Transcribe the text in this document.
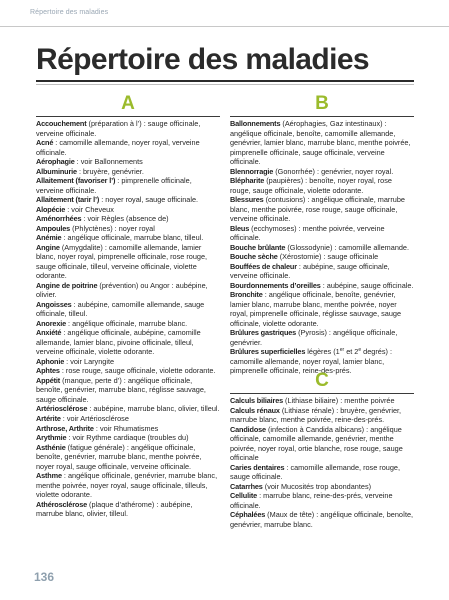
Répertoire des maladies
Répertoire des maladies
A
Accouchement (préparation à l’) : sauge officinale, verveine officinale.
Acné : camomille allemande, noyer royal, verveine officinale.
Aérophagie : voir Ballonnements
Albuminurie : bruyère, genévrier.
Allaitement (favoriser l’) : pimprenelle officinale, verveine officinale.
Allaitement (tarir l’) : noyer royal, sauge officinale.
Alopécie : voir Cheveux
Aménorrhées : voir Règles (absence de)
Ampoules (Phlyctènes) : noyer royal
Anémie : angélique officinale, marrube blanc, tilleul.
Angine (Amygdalite) : camomille allemande, lamier blanc, noyer royal, pimprenelle officinale, rose rouge, sauge officinale, tilleul, verveine officinale, violette odorante.
Angine de poitrine (prévention) ou Angor : aubépine, olivier.
Angoisses : aubépine, camomille allemande, sauge officinale, tilleul.
Anorexie : angélique officinale, marrube blanc.
Anxiété : angélique officinale, aubépine, camomille allemande, lamier blanc, pivoine officinale, tilleul, verveine officinale, violette odorante.
Aphonie : voir Laryngite
Aphtes : rose rouge, sauge officinale, violette odorante.
Appétit (manque, perte d’) : angélique officinale, benoîte, genévrier, marrube blanc, réglisse sauvage, sauge officinale.
Artériosclérose : aubépine, marrube blanc, olivier, tilleul.
Artérite : voir Artériosclérose
Arthrose, Arthrite : voir Rhumatismes
Arythmie : voir Rythme cardiaque (troubles du)
Asthénie (fatigue générale) : angélique officinale, benoîte, genévrier, marrube blanc, menthe poivrée, noyer royal, sauge officinale, verveine officinale.
Asthme : angélique officinale, genévrier, marrube blanc, menthe poivrée, noyer royal, sauge officinale, tilleuls, violette odorante.
Athérosclérose (plaque d’athérome) : aubépine, marrube blanc, olivier, tilleul.
B
Ballonnements (Aérophagies, Gaz intestinaux) : angélique officinale, benoîte, camomille allemande, genévrier, lamier blanc, marrube blanc, menthe poivrée, pimprenelle officinale, sauge officinale, verveine officinale.
Blennorragie (Gonorrhée) : genévrier, noyer royal.
Blépharite (paupières) : benoîte, noyer royal, rose rouge, sauge officinale, violette odorante.
Blessures (contusions) : angélique officinale, marrube blanc, menthe poivrée, rose rouge, sauge officinale, verveine officinale.
Bleus (ecchymoses) : menthe poivrée, verveine officinale.
Bouche brûlante (Glossodynie) : camomille allemande.
Bouche sèche (Xérostomie) : sauge officinale
Bouffées de chaleur : aubépine, sauge officinale, verveine officinale.
Bourdonnements d’oreilles : aubépine, sauge officinale.
Bronchite : angélique officinale, benoîte, genévrier, lamier blanc, marrube blanc, menthe poivrée, noyer royal, pimprenelle officinale, réglisse sauvage, sauge officinale, violette odorante.
Brûlures gastriques (Pyrosis) : angélique officinale, genévrier.
Brûlures superficielles légères (1er et 2e degrés) : camomille allemande, noyer royal, lamier blanc, pimprenelle officinale, reine-des-prés.
C
Calculs biliaires (Lithiase biliaire) : menthe poivrée
Calculs rénaux (Lithiase rénale) : bruyère, genévrier, marrube blanc, menthe poivrée, reine-des-prés.
Candidose (infection à Candida albicans) : angélique officinale, camomille allemande, genévrier, menthe poivrée, noyer royal, ortie blanche, rose rouge, sauge officinale
Caries dentaires : camomille allemande, rose rouge, sauge officinale.
Catarrhes (voir Mucosités trop abondantes)
Cellulite : marrube blanc, reine-des-prés, verveine officinale.
Céphalées (Maux de tête) : angélique officinale, benoîte, genévrier, marrube blanc.
136
